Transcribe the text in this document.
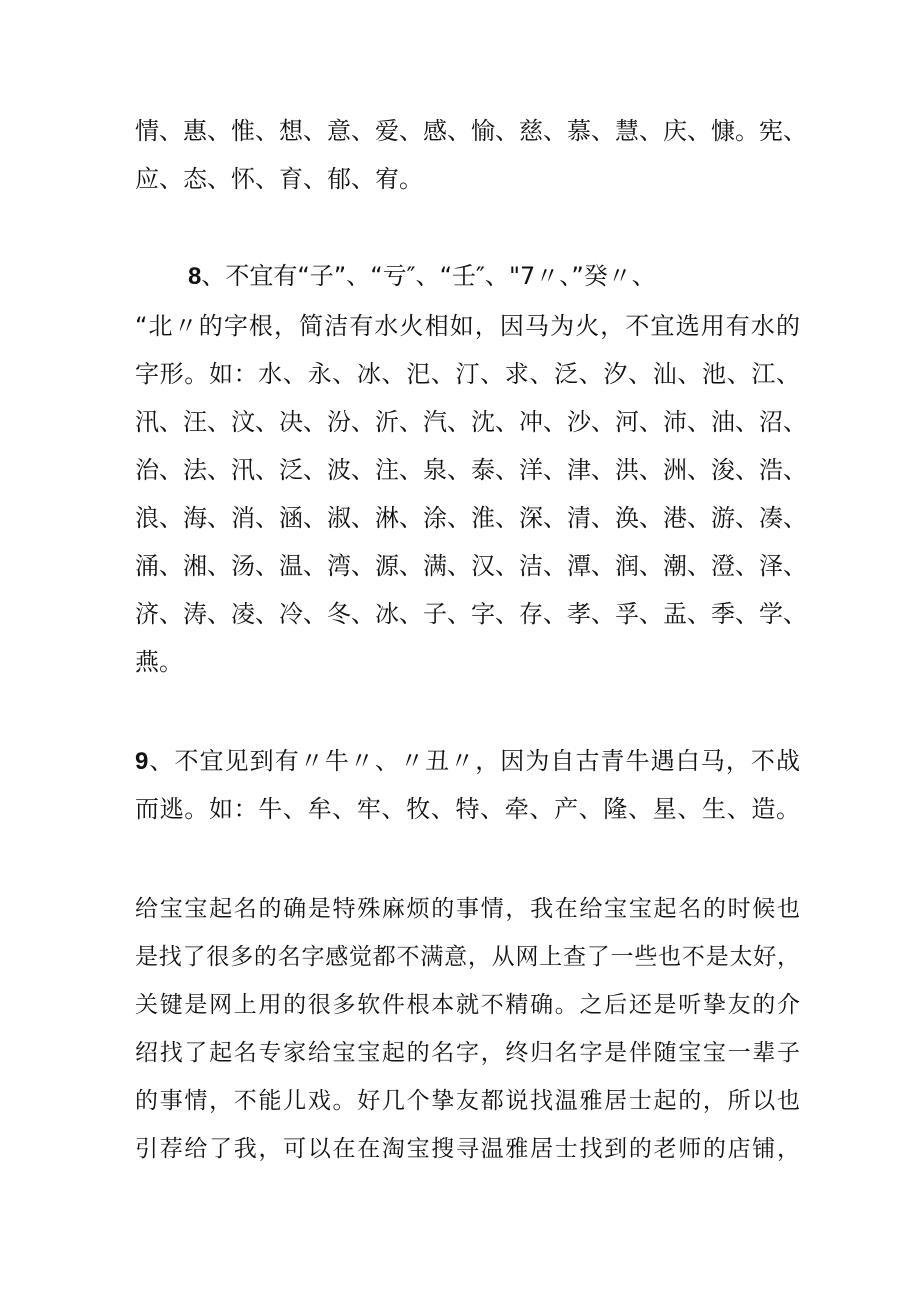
情、惠、惟、想、意、爱、感、愉、慈、慕、慧、庆、慷。宪、

应、态、怀、育、郁、宥。

8、不宜有“子”、“亏″、“壬″、"7〃、”癸〃、

“北〃的字根，简洁有水火相如，因马为火，不宜选用有水的

字形。如：水、永、冰、汜、汀、求、泛、汐、汕、池、江、

汛、汪、汶、决、汾、沂、汽、沈、冲、沙、河、沛、油、沼、

治、法、汛、泛、波、注、泉、泰、洋、津、洪、洲、浚、浩、

浪、海、消、涵、淑、淋、涂、淮、深、清、涣、港、游、凑、

涌、湘、汤、温、湾、源、满、汉、洁、潭、润、潮、澄、泽、

济、涛、凌、冷、冬、冰、子、字、存、孝、孚、盂、季、学、

燕。

9、不宜见到有〃牛〃、〃丑〃，因为自古青牛遇白马，不战

而逃。如：牛、牟、牢、牧、特、牵、产、隆、星、生、造。

给宝宝起名的确是特殊麻烦的事情，我在给宝宝起名的时候也

是找了很多的名字感觉都不满意，从网上查了一些也不是太好，

关键是网上用的很多软件根本就不精确。之后还是听挚友的介

绍找了起名专家给宝宝起的名字，终归名字是伴随宝宝一辈子

的事情，不能儿戏。好几个挚友都说找温雅居士起的，所以也

引荐给了我，可以在在淘宝搜寻温雅居士找到的老师的店铺，
